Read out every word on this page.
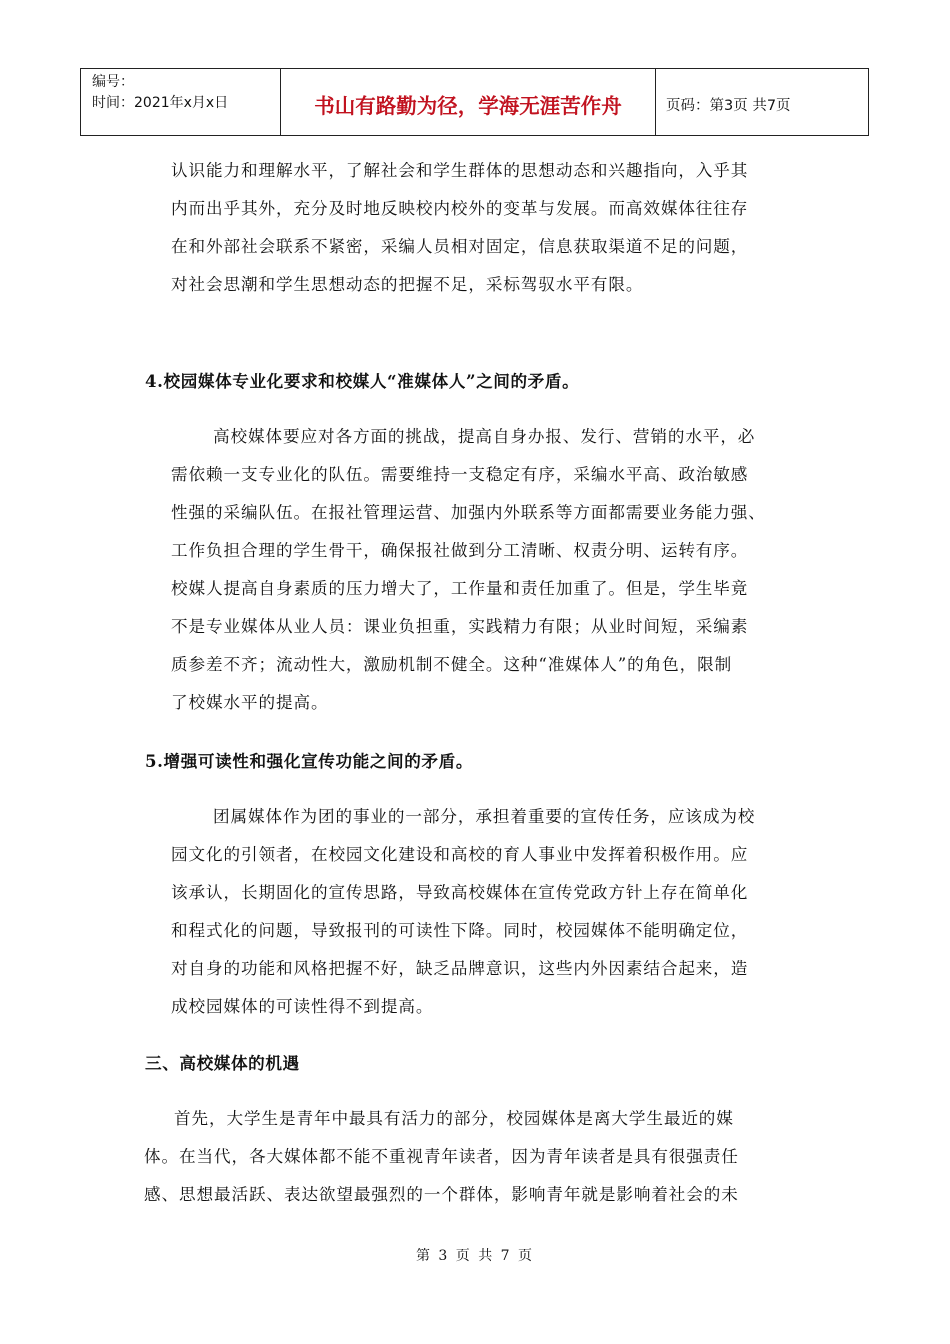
编号：
时间：2021年x月x日	书山有路勤为径，学海无涯苦作舟	页码：第3页 共7页
认识能力和理解水平，了解社会和学生群体的思想动态和兴趣指向，入乎其
内而出乎其外，充分及时地反映校内校外的变革与发展。而高效媒体往往存
在和外部社会联系不紧密，采编人员相对固定，信息获取渠道不足的问题，
对社会思潮和学生思想动态的把握不足，采标驾驭水平有限。
4.校园媒体专业化要求和校媒人“准媒体人”之间的矛盾。
高校媒体要应对各方面的挑战，提高自身办报、发行、营销的水平，必
需依赖一支专业化的队伍。需要维持一支稳定有序，采编水平高、政治敏感
性强的采编队伍。在报社管理运营、加强内外联系等方面都需要业务能力强、
工作负担合理的学生骨干，确保报社做到分工清晰、权责分明、运转有序。
校媒人提高自身素质的压力增大了，工作量和责任加重了。但是，学生毕竟
不是专业媒体从业人员：课业负担重，实践精力有限；从业时间短，采编素
质参差不齐；流动性大，激励机制不健全。这种“准媒体人”的角色，限制
了校媒水平的提高。
5.增强可读性和强化宣传功能之间的矛盾。
团属媒体作为团的事业的一部分，承担着重要的宣传任务，应该成为校
园文化的引领者，在校园文化建设和高校的育人事业中发挥着积极作用。应
该承认，长期固化的宣传思路，导致高校媒体在宣传党政方针上存在简单化
和程式化的问题，导致报刊的可读性下降。同时，校园媒体不能明确定位，
对自身的功能和风格把握不好，缺乏品牌意识，这些内外因素结合起来，造
成校园媒体的可读性得不到提高。
三、高校媒体的机遇
首先，大学生是青年中最具有活力的部分，校园媒体是离大学生最近的媒
体。在当代，各大媒体都不能不重视青年读者，因为青年读者是具有很强责任
感、思想最活跃、表达欲望最强烈的一个群体，影响青年就是影响着社会的未
第 3 页 共 7 页
